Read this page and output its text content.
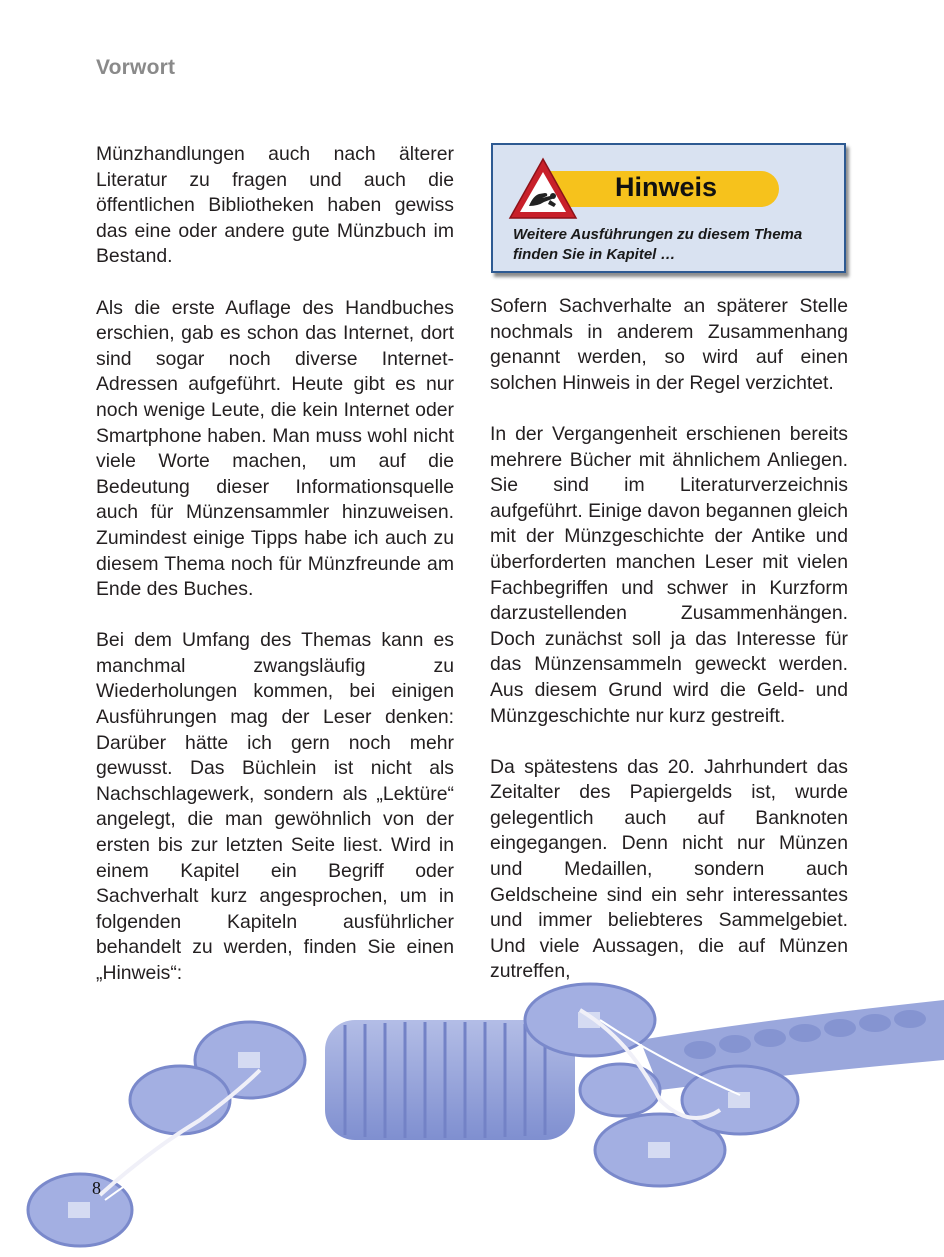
Vorwort

Münzhandlungen auch nach älterer Literatur zu fragen und auch die öffentlichen Bibliotheken haben gewiss das eine oder andere gute Münzbuch im Bestand.

Als die erste Auflage des Handbuches erschien, gab es schon das Internet, dort sind sogar noch diverse Internet-Adressen aufgeführt. Heute gibt es nur noch wenige Leute, die kein Internet oder Smartphone haben. Man muss wohl nicht viele Worte machen, um auf die Bedeutung dieser Informationsquelle auch für Münzensammler hinzuweisen. Zumindest einige Tipps habe ich auch zu diesem Thema noch für Münzfreunde am Ende des Buches.

Bei dem Umfang des Themas kann es manchmal zwangsläufig zu Wiederholungen kommen, bei einigen Ausführungen mag der Leser denken: Darüber hätte ich gern noch mehr gewusst. Das Büchlein ist nicht als Nachschlagewerk, sondern als „Lektüre“ angelegt, die man gewöhnlich von der ersten bis zur letzten Seite liest. Wird in einem Kapitel ein Begriff oder Sachverhalt kurz angesprochen, um in folgenden Kapiteln ausführlicher behandelt zu werden, finden Sie einen „Hinweis“:

Hinweis
Weitere Ausführungen zu diesem Thema finden Sie in Kapitel …

Sofern Sachverhalte an späterer Stelle nochmals in anderem Zusammenhang genannt werden, so wird auf einen solchen Hinweis in der Regel verzichtet.

In der Vergangenheit erschienen bereits mehrere Bücher mit ähnlichem Anliegen. Sie sind im Literaturverzeichnis aufgeführt. Einige davon begannen gleich mit der Münzgeschichte der Antike und überforderten manchen Leser mit vielen Fachbegriffen und schwer in Kurzform darzustellenden Zusammenhängen. Doch zunächst soll ja das Interesse für das Münzensammeln geweckt werden. Aus diesem Grund wird die Geld- und Münzgeschichte nur kurz gestreift.

Da spätestens das 20. Jahrhundert das Zeitalter des Papiergelds ist, wurde gelegentlich auch auf Banknoten eingegangen. Denn nicht nur Münzen und Medaillen, sondern auch Geldscheine sind ein sehr interessantes und immer beliebteres Sammelgebiet. Und viele Aussagen, die auf Münzen zutreffen,

8
